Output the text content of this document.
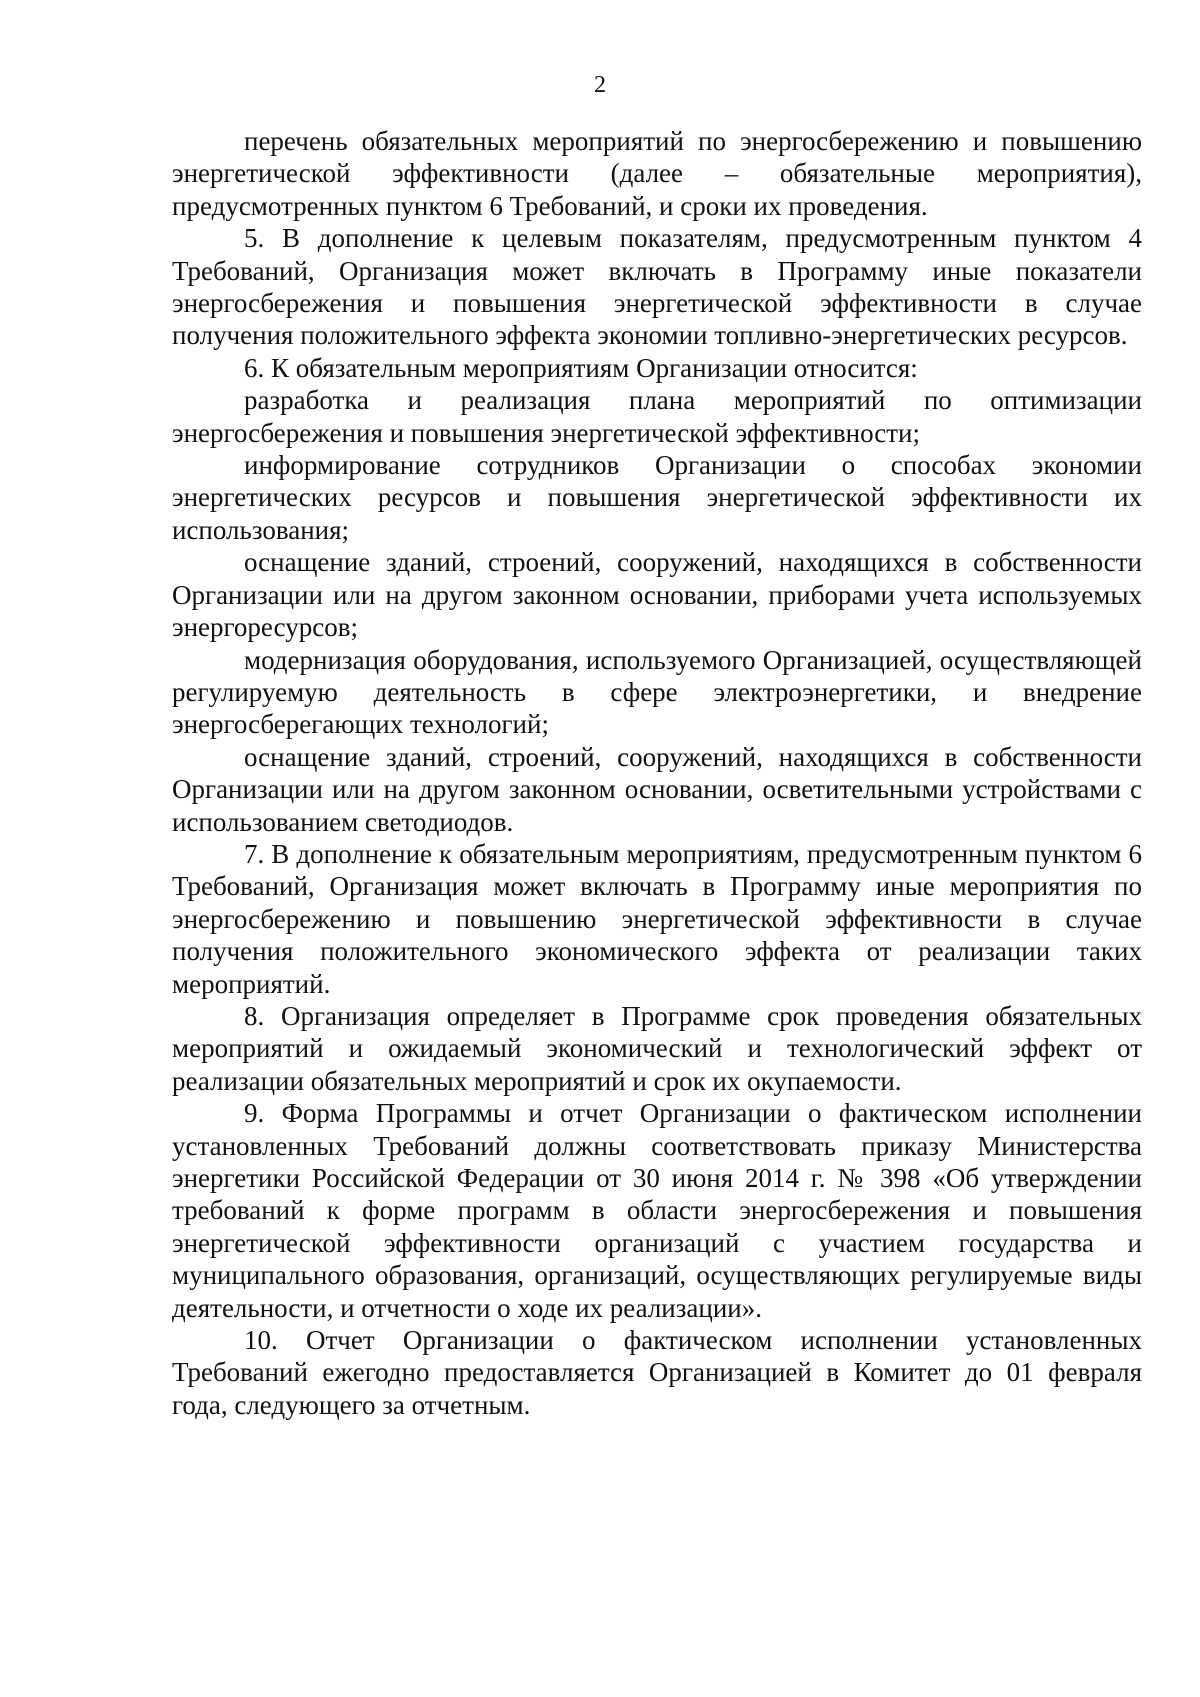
2

перечень обязательных мероприятий по энергосбережению и повышению энергетической эффективности (далее – обязательные мероприятия), предусмотренных пунктом 6 Требований, и сроки их проведения.

5. В дополнение к целевым показателям, предусмотренным пунктом 4 Требований, Организация может включать в Программу иные показатели энергосбережения и повышения энергетической эффективности в случае получения положительного эффекта экономии топливно-энергетических ресурсов.

6. К обязательным мероприятиям Организации относится:

разработка и реализация плана мероприятий по оптимизации энергосбережения и повышения энергетической эффективности;

информирование сотрудников Организации о способах экономии энергетических ресурсов и повышения энергетической эффективности их использования;

оснащение зданий, строений, сооружений, находящихся в собственности Организации или на другом законном основании, приборами учета используемых энергоресурсов;

модернизация оборудования, используемого Организацией, осуществляющей регулируемую деятельность в сфере электроэнергетики, и внедрение энергосберегающих технологий;

оснащение зданий, строений, сооружений, находящихся в собственности Организации или на другом законном основании, осветительными устройствами с использованием светодиодов.

7. В дополнение к обязательным мероприятиям, предусмотренным пунктом 6 Требований, Организация может включать в Программу иные мероприятия по энергосбережению и повышению энергетической эффективности в случае получения положительного экономического эффекта от реализации таких мероприятий.

8. Организация определяет в Программе срок проведения обязательных мероприятий и ожидаемый экономический и технологический эффект от реализации обязательных мероприятий и срок их окупаемости.

9. Форма Программы и отчет Организации о фактическом исполнении установленных Требований должны соответствовать приказу Министерства энергетики Российской Федерации от 30 июня 2014 г. № 398 «Об утверждении требований к форме программ в области энергосбережения и повышения энергетической эффективности организаций с участием государства и муниципального образования, организаций, осуществляющих регулируемые виды деятельности, и отчетности о ходе их реализации».

10. Отчет Организации о фактическом исполнении установленных Требований ежегодно предоставляется Организацией в Комитет до 01 февраля года, следующего за отчетным.
